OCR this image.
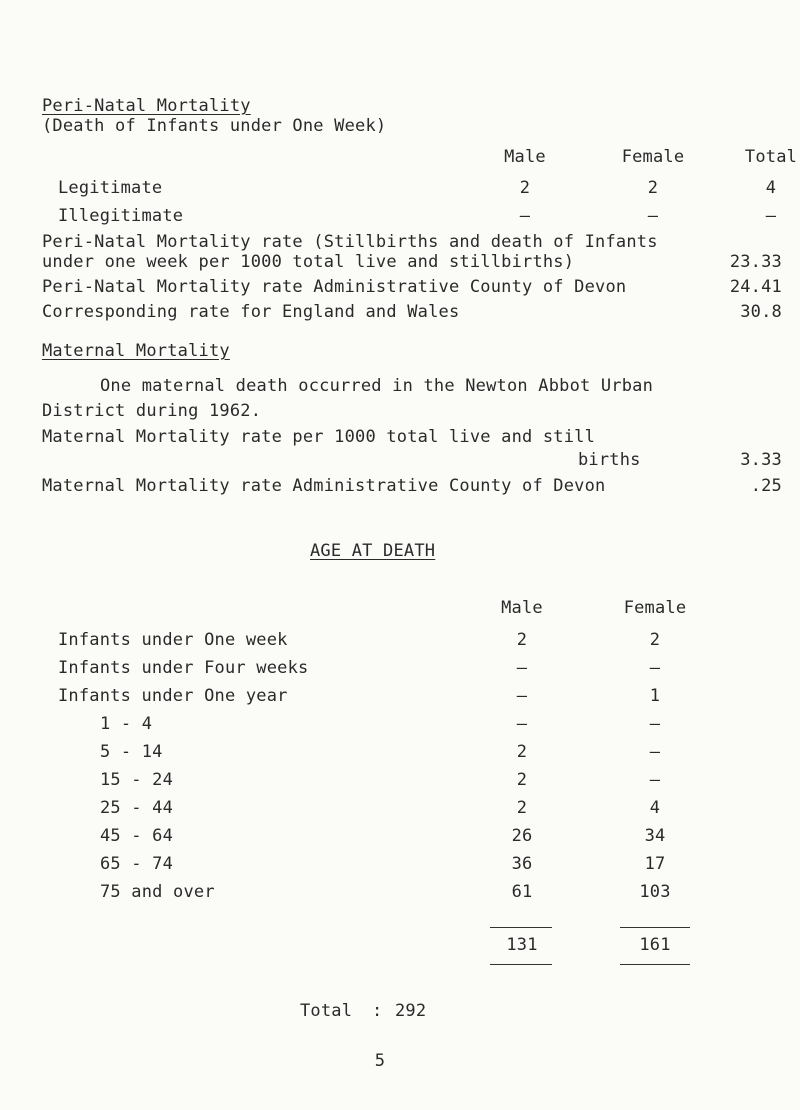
Peri-Natal Mortality
(Death of Infants under One Week)
Male	Female	Total
Legitimate	2	2	4
Illegitimate	–	–	–
Peri-Natal Mortality rate (Stillbirths and death of Infants
under one week per 1000 total live and stillbirths)	23.33
Peri-Natal Mortality rate Administrative County of Devon	24.41
Corresponding rate for England and Wales	30.8
Maternal Mortality
One maternal death occurred in the Newton Abbot Urban
District during 1962.
Maternal Mortality rate per 1000 total live and still
births	3.33
Maternal Mortality rate Administrative County of Devon	.25
AGE AT DEATH
Male	Female
Infants under One week	2	2
Infants under Four weeks	–	–
Infants under One year	–	1
1 - 4	–	–
5 - 14	2	–
15 - 24	2	–
25 - 44	2	4
45 - 64	26	34
65 - 74	36	17
75 and over	61	103
131	161
Total : 292
5
